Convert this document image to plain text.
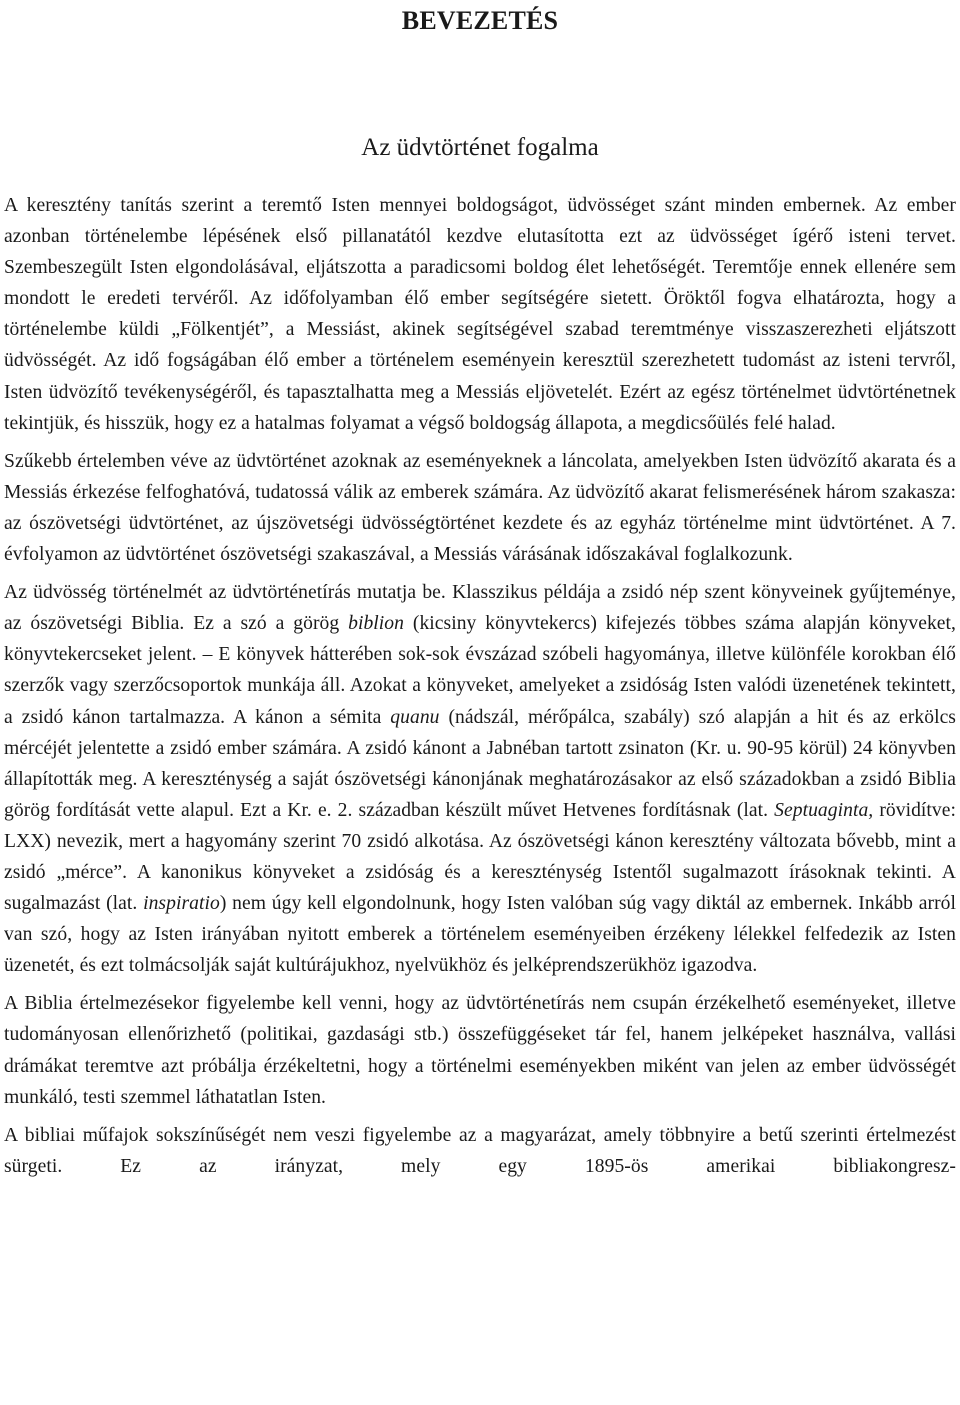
BEVEZETÉS
Az üdvtörténet fogalma

A keresztény tanítás szerint a teremtő Isten mennyei boldogságot, üdvösséget szánt minden embernek. Az ember azonban történelembe lépésének első pillanatától kezdve elutasította ezt az üdvösséget ígérő isteni tervet. Szembeszegült Isten elgondolásával, eljátszotta a paradicsomi boldog élet lehetőségét. Teremtője ennek ellenére sem mondott le eredeti tervéről. Az időfolyamban élő ember segítségére sietett. Öröktől fogva elhatározta, hogy a történelembe küldi „Fölkentjét”, a Messiást, akinek segítségével szabad teremtménye visszaszerezheti eljátszott üdvösségét. Az idő fogságában élő ember a történelem eseményein keresztül szerezhetett tudomást az isteni tervről, Isten üdvözítő tevékenységéről, és tapasztalhatta meg a Messiás eljövetelét. Ezért az egész történelmet üdvtörténetnek tekintjük, és hisszük, hogy ez a hatalmas folyamat a végső boldogság állapota, a megdicsőülés felé halad.

Szűkebb értelemben véve az üdvtörténet azoknak az eseményeknek a láncolata, amelyekben Isten üdvözítő akarata és a Messiás érkezése felfoghatóvá, tudatossá válik az emberek számára. Az üdvözítő akarat felismerésének három szakasza: az ószövetségi üdvtörténet, az újszövetségi üdvösségtörténet kezdete és az egyház történelme mint üdvtörténet. A 7. évfolyamon az üdvtörténet ószövetségi szakaszával, a Messiás várásának időszakával foglalkozunk.

Az üdvösség történelmét az üdvtörténetírás mutatja be. Klasszikus példája a zsidó nép szent könyveinek gyűjteménye, az ószövetségi Biblia. Ez a szó a görög biblion (kicsiny könyvtekercs) kifejezés többes száma alapján könyveket, könyvtekercseket jelent. – E könyvek hátterében sok-sok évszázad szóbeli hagyománya, illetve különféle korokban élő szerzők vagy szerzőcsoportok munkája áll. Azokat a könyveket, amelyeket a zsidóság Isten valódi üzenetének tekintett, a zsidó kánon tartalmazza. A kánon a sémita quanu (nádszál, mérőpálca, szabály) szó alapján a hit és az erkölcs mércéjét jelentette a zsidó ember számára. A zsidó kánont a Jabnéban tartott zsinaton (Kr. u. 90-95 körül) 24 könyvben állapították meg. A kereszténység a saját ószövetségi kánonjának meghatározásakor az első századokban a zsidó Biblia görög fordítását vette alapul. Ezt a Kr. e. 2. században készült művet Hetvenes fordításnak (lat. Septuaginta, rövidítve: LXX) nevezik, mert a hagyomány szerint 70 zsidó alkotása. Az ószövetségi kánon keresztény változata bővebb, mint a zsidó „mérce”. A kanonikus könyveket a zsidóság és a kereszténység Istentől sugalmazott írásoknak tekinti. A sugalmazást (lat. inspiratio) nem úgy kell elgondolnunk, hogy Isten valóban súg vagy diktál az embernek. Inkább arról van szó, hogy az Isten irányában nyitott emberek a történelem eseményeiben érzékeny lélekkel felfedezik az Isten üzenetét, és ezt tolmácsolják saját kultúrájukhoz, nyelvükhöz és jelképrendszerükhöz igazodva.

A Biblia értelmezésekor figyelembe kell venni, hogy az üdvtörténetírás nem csupán érzékelhető eseményeket, illetve tudományosan ellenőrizhető (politikai, gazdasági stb.) összefüggéseket tár fel, hanem jelképeket használva, vallási drámákat teremtve azt próbálja érzékeltetni, hogy a történelmi eseményekben miként van jelen az ember üdvösségét munkáló, testi szemmel láthatatlan Isten.

A bibliai műfajok sokszínűségét nem veszi figyelembe az a magyarázat, amely többnyire a betű szerinti értelmezést sürgeti. Ez az irányzat, mely egy 1895-ös amerikai bibliakongresz-
